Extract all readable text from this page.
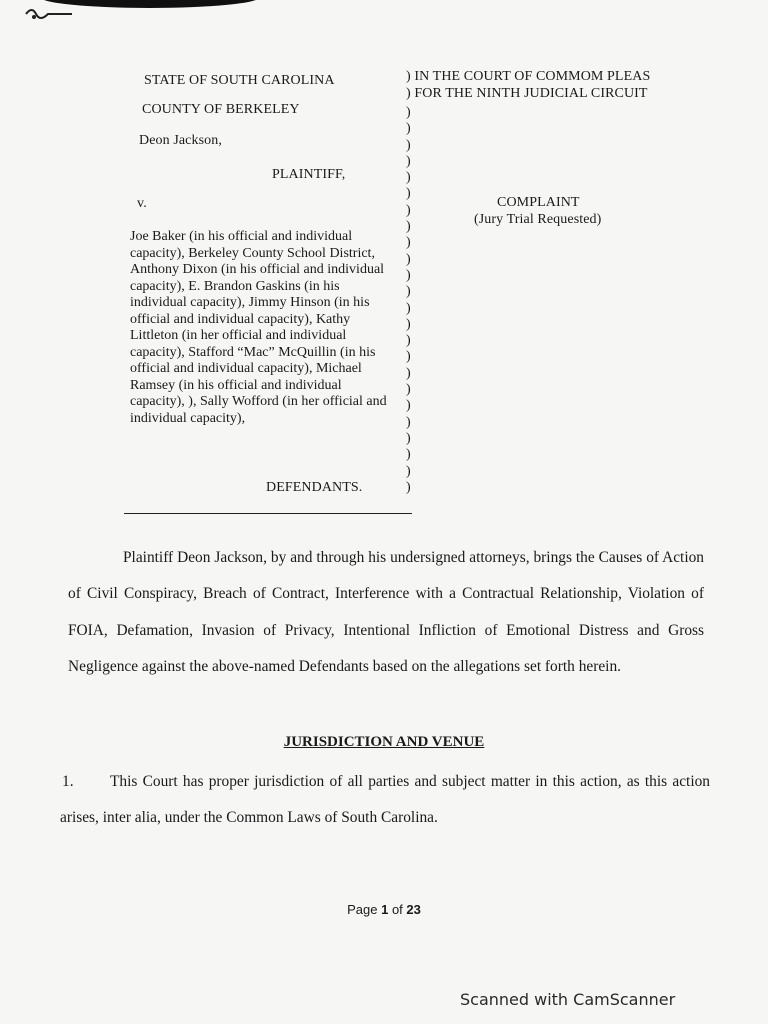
STATE OF SOUTH CAROLINA
COUNTY OF BERKELEY
Deon Jackson,
PLAINTIFF,
v.
Joe Baker (in his official and individual capacity), Berkeley County School District, Anthony Dixon (in his official and individual capacity), E. Brandon Gaskins (in his individual capacity), Jimmy Hinson (in his official and individual capacity), Kathy Littleton (in her official and individual capacity), Stafford “Mac” McQuillin (in his official and individual capacity), Michael Ramsey (in his official and individual capacity), ), Sally Wofford (in her official and individual capacity),
DEFENDANTS.
) IN THE COURT OF COMMOM PLEAS
) FOR THE NINTH JUDICIAL CIRCUIT
)
)
)
)
)
)
)
)
)
)
)
)
)
)
)
)
)
)
)
)
)
)
)
)
COMPLAINT
(Jury Trial Requested)
Plaintiff Deon Jackson, by and through his undersigned attorneys, brings the Causes of Action of Civil Conspiracy, Breach of Contract, Interference with a Contractual Relationship, Violation of FOIA, Defamation, Invasion of Privacy, Intentional Infliction of Emotional Distress and Gross Negligence against the above-named Defendants based on the allegations set forth herein.
JURISDICTION AND VENUE
1.	This Court has proper jurisdiction of all parties and subject matter in this action, as this action arises, inter alia, under the Common Laws of South Carolina.
Page 1 of 23
Scanned with CamScanner
